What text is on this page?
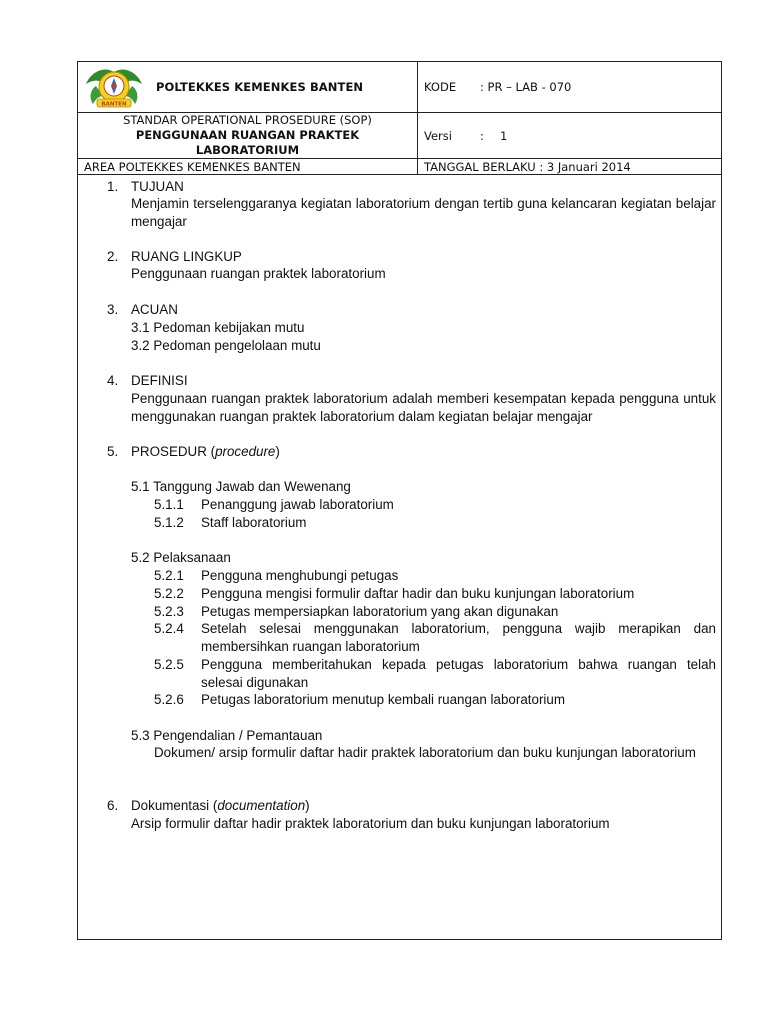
BANTEN
POLTEKKES KEMENKES BANTEN	KODE : PR – LAB - 070

STANDAR OPERATIONAL PROSEDURE (SOP)
PENGGUNAAN RUANGAN PRAKTEK LABORATORIUM	Versi : 1
AREA POLTEKKES KEMENKES BANTEN	TANGGAL BERLAKU : 3 Januari 2014
1. TUJUAN
Menjamin terselenggaranya kegiatan laboratorium dengan tertib guna kelancaran kegiatan belajar mengajar
2. RUANG LINGKUP
Penggunaan ruangan praktek laboratorium
3. ACUAN
3.1 Pedoman kebijakan mutu
3.2 Pedoman pengelolaan mutu
4. DEFINISI
Penggunaan ruangan praktek laboratorium adalah memberi kesempatan kepada pengguna untuk menggunakan ruangan praktek laboratorium dalam kegiatan belajar mengajar
5. PROSEDUR (procedure)
5.1 Tanggung Jawab dan Wewenang
5.1.1 Penanggung jawab laboratorium
5.1.2 Staff laboratorium
5.2 Pelaksanaan
5.2.1 Pengguna menghubungi petugas
5.2.2 Pengguna mengisi formulir daftar hadir dan buku kunjungan laboratorium
5.2.3 Petugas mempersiapkan laboratorium yang akan digunakan
5.2.4 Setelah selesai menggunakan laboratorium, pengguna wajib merapikan dan membersihkan ruangan laboratorium
5.2.5 Pengguna memberitahukan kepada petugas laboratorium bahwa ruangan telah selesai digunakan
5.2.6 Petugas laboratorium menutup kembali ruangan laboratorium
5.3 Pengendalian / Pemantauan
Dokumen/ arsip formulir daftar hadir praktek laboratorium dan buku kunjungan laboratorium
6. Dokumentasi (documentation)
Arsip formulir daftar hadir praktek laboratorium dan buku kunjungan laboratorium
